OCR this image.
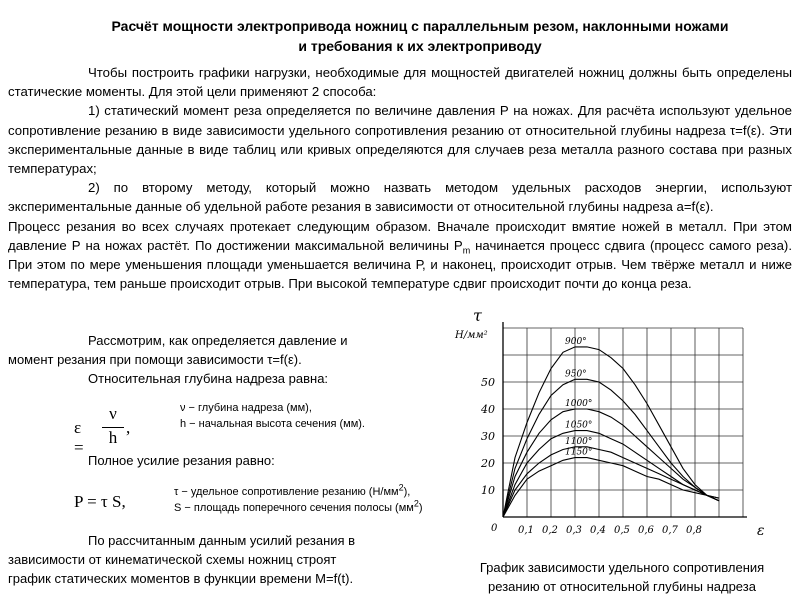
Расчёт мощности электропривода ножниц с параллельным резом, наклонными ножами
и требования к их электроприводу

Чтобы построить графики нагрузки, необходимые для мощностей двигателей ножниц должны быть определены статические моменты. Для этой цели применяют 2 способа:

1) статический момент реза определяется по величине давления Р на ножах. Для расчёта используют удельное сопротивление резанию в виде зависимости удельного сопротивления резанию от относительной глубины надреза τ=f(ε). Эти экспериментальные данные в виде таблиц или кривых определяются для случаев реза металла разного состава при разных температурах;

2) по второму методу, который можно назвать методом удельных расходов энергии, используют экспериментальные данные об удельной работе резания в зависимости от относительной глубины надреза а=f(ε).

Процесс резания во всех случаях протекает следующим образом. Вначале происходит вмятие ножей в металл. При этом давление Р на ножах растёт. По достижении максимальной величины $Р_m$ начинается процесс сдвига (процесс самого реза). При этом по мере уменьшения площади уменьшается величина Р, и наконец, происходит отрыв. Чем твёрже металл и ниже температура, тем раньше происходит отрыв. При высокой температуре сдвиг происходит почти до конца реза.

Рассмотрим, как определяется давление и
момент резания при помощи зависимости τ=f(ε).
Относительная глубина надреза равна:
ε =
ν
h
,
ν − глубина надреза (мм),
h − начальная высота сечения (мм).
Полное усилие резания равно:
P = τ S,	τ − удельное сопротивление резанию $(Н/мм^2)$,
S − площадь поперечного сечения полосы $(мм^2)$
По рассчитанным данным усилий резания в
зависимости от кинематической схемы ножниц строят
график статических моментов в функции времени М=f(t).
900°
950°
1000°
1050°
1100°
1150°
10
20
30
40
50
0,1 0,2 0,3 0,4 0,5 0,6 0,7 0,8
0
τ
Н/мм²
ε
График зависимости удельного сопротивления
резанию от относительной глубины надреза
